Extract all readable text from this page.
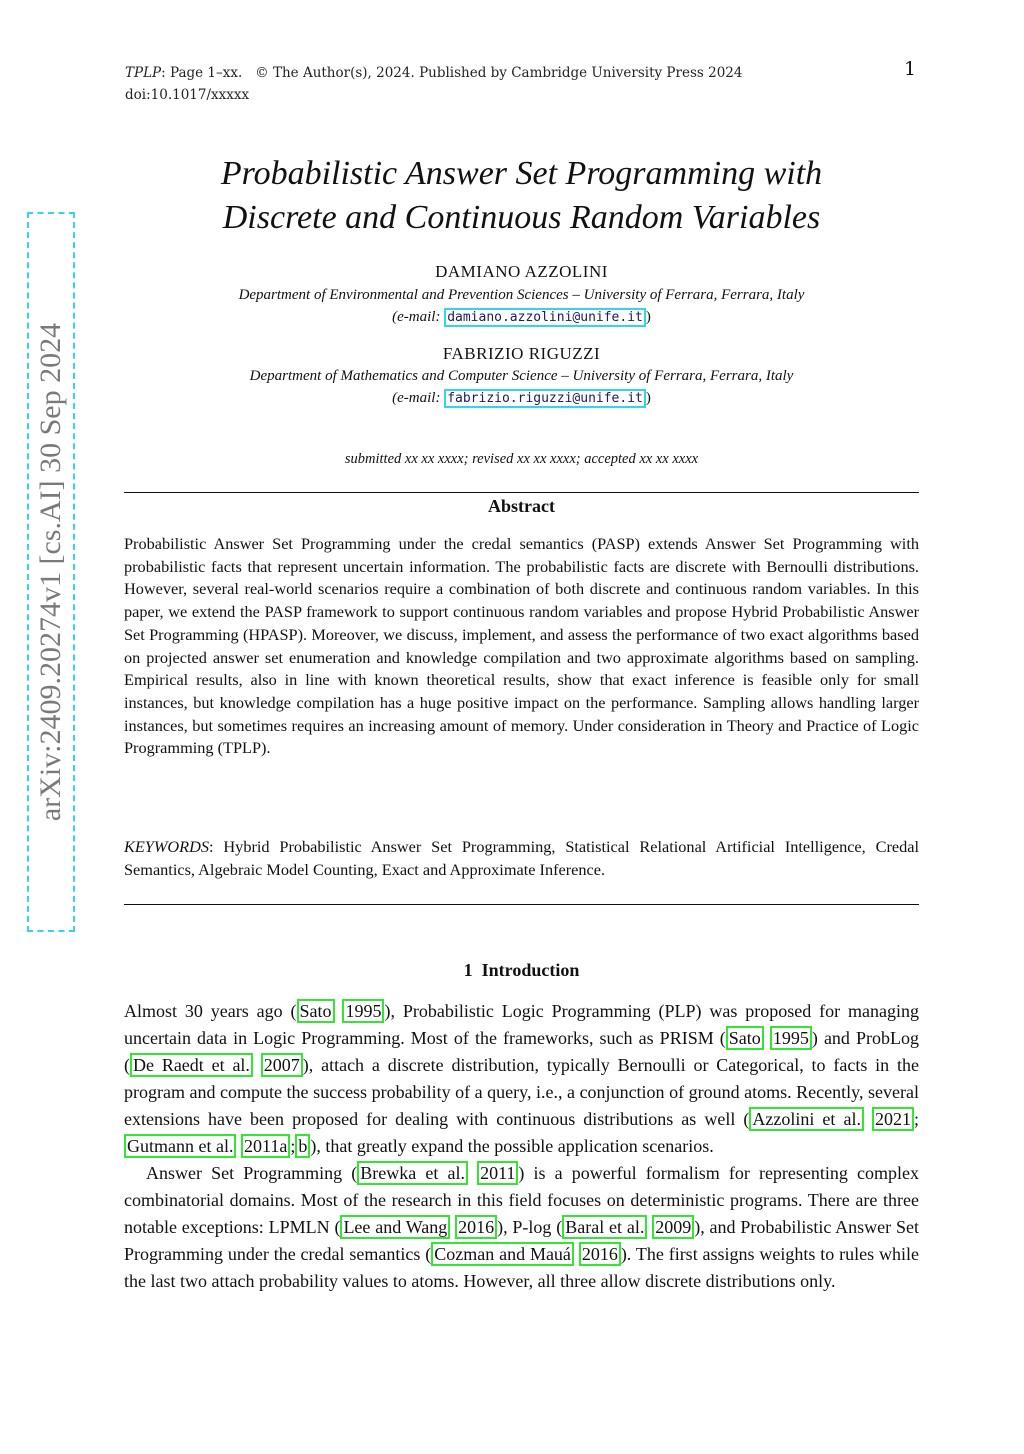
TPLP: Page 1–xx. © The Author(s), 2024. Published by Cambridge University Press 2024
doi:10.1017/xxxxx
1
arXiv:2409.20274v1 [cs.AI] 30 Sep 2024
Probabilistic Answer Set Programming with
Discrete and Continuous Random Variables
DAMIANO AZZOLINI
Department of Environmental and Prevention Sciences – University of Ferrara, Ferrara, Italy
(e-mail: damiano.azzolini@unife.it )
FABRIZIO RIGUZZI
Department of Mathematics and Computer Science – University of Ferrara, Ferrara, Italy
(e-mail: fabrizio.riguzzi@unife.it )
submitted xx xx xxxx; revised xx xx xxxx; accepted xx xx xxxx
Abstract
Probabilistic Answer Set Programming under the credal semantics (PASP) extends Answer Set Programming with probabilistic facts that represent uncertain information. The probabilistic facts are discrete with Bernoulli distributions. However, several real-world scenarios require a combination of both discrete and continuous random variables. In this paper, we extend the PASP framework to support continuous random variables and propose Hybrid Probabilistic Answer Set Programming (HPASP). Moreover, we discuss, implement, and assess the performance of two exact algorithms based on projected answer set enumeration and knowledge compilation and two approximate algorithms based on sampling. Empirical results, also in line with known theoretical results, show that exact inference is feasible only for small instances, but knowledge compilation has a huge positive impact on the performance. Sampling allows handling larger instances, but sometimes requires an increasing amount of memory. Under consideration in Theory and Practice of Logic Programming (TPLP).
KEYWORDS: Hybrid Probabilistic Answer Set Programming, Statistical Relational Artificial Intelligence, Credal Semantics, Algebraic Model Counting, Exact and Approximate Inference.
1 Introduction

Almost 30 years ago ( Sato 1995 ), Probabilistic Logic Programming (PLP) was proposed for managing uncertain data in Logic Programming. Most of the frameworks, such as PRISM ( Sato 1995 ) and ProbLog ( De Raedt et al. 2007 ), attach a discrete distribution, typically Bernoulli or Categorical, to facts in the program and compute the success probability of a query, i.e., a conjunction of ground atoms. Recently, several extensions have been proposed for dealing with continuous distributions as well ( Azzolini et al. 2021 ; Gutmann et al. 2011a ; b ), that greatly expand the possible application scenarios.

Answer Set Programming ( Brewka et al. 2011 ) is a powerful formalism for representing complex combinatorial domains. Most of the research in this field focuses on deterministic programs. There are three notable exceptions: LPMLN ( Lee and Wang 2016 ), P-log ( Baral et al. 2009 ), and Probabilistic Answer Set Programming under the credal semantics ( Cozman and Mauá 2016 ). The first assigns weights to rules while the last two attach probability values to atoms. However, all three allow discrete distributions only.
